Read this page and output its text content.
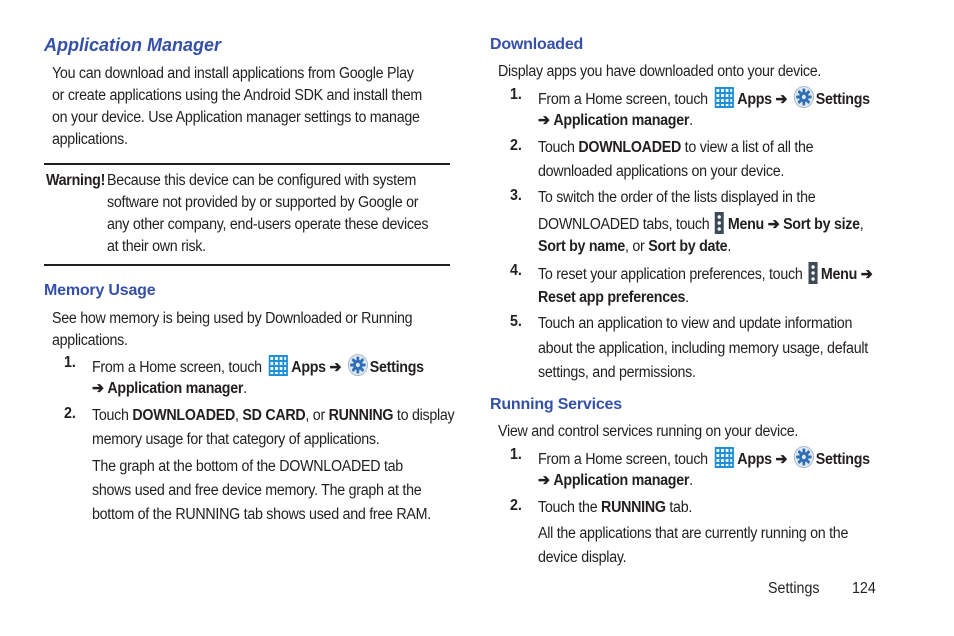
Application Manager
You can download and install applications from Google Play
or create applications using the Android SDK and install them
on your device. Use Application manager settings to manage
applications.
Warning! Because this device can be configured with system
software not provided by or supported by Google or
any other company, end-users operate these devices
at their own risk.
Memory Usage
See how memory is being used by Downloaded or Running
applications.
1. From a Home screen, touch Apps ➔ Settings
➔ Application manager.
2. Touch DOWNLOADED, SD CARD, or RUNNING to display
memory usage for that category of applications.
The graph at the bottom of the DOWNLOADED tab
shows used and free device memory. The graph at the
bottom of the RUNNING tab shows used and free RAM.
Downloaded
Display apps you have downloaded onto your device.
1. From a Home screen, touch Apps ➔ Settings
➔ Application manager.
2. Touch DOWNLOADED to view a list of all the
downloaded applications on your device.
3. To switch the order of the lists displayed in the
DOWNLOADED tabs, touch Menu ➔ Sort by size,
Sort by name, or Sort by date.
4. To reset your application preferences, touch Menu ➔
Reset app preferences.
5. Touch an application to view and update information
about the application, including memory usage, default
settings, and permissions.
Running Services
View and control services running on your device.
1. From a Home screen, touch Apps ➔ Settings
➔ Application manager.
2. Touch the RUNNING tab.
All the applications that are currently running on the
device display.
Settings 124
